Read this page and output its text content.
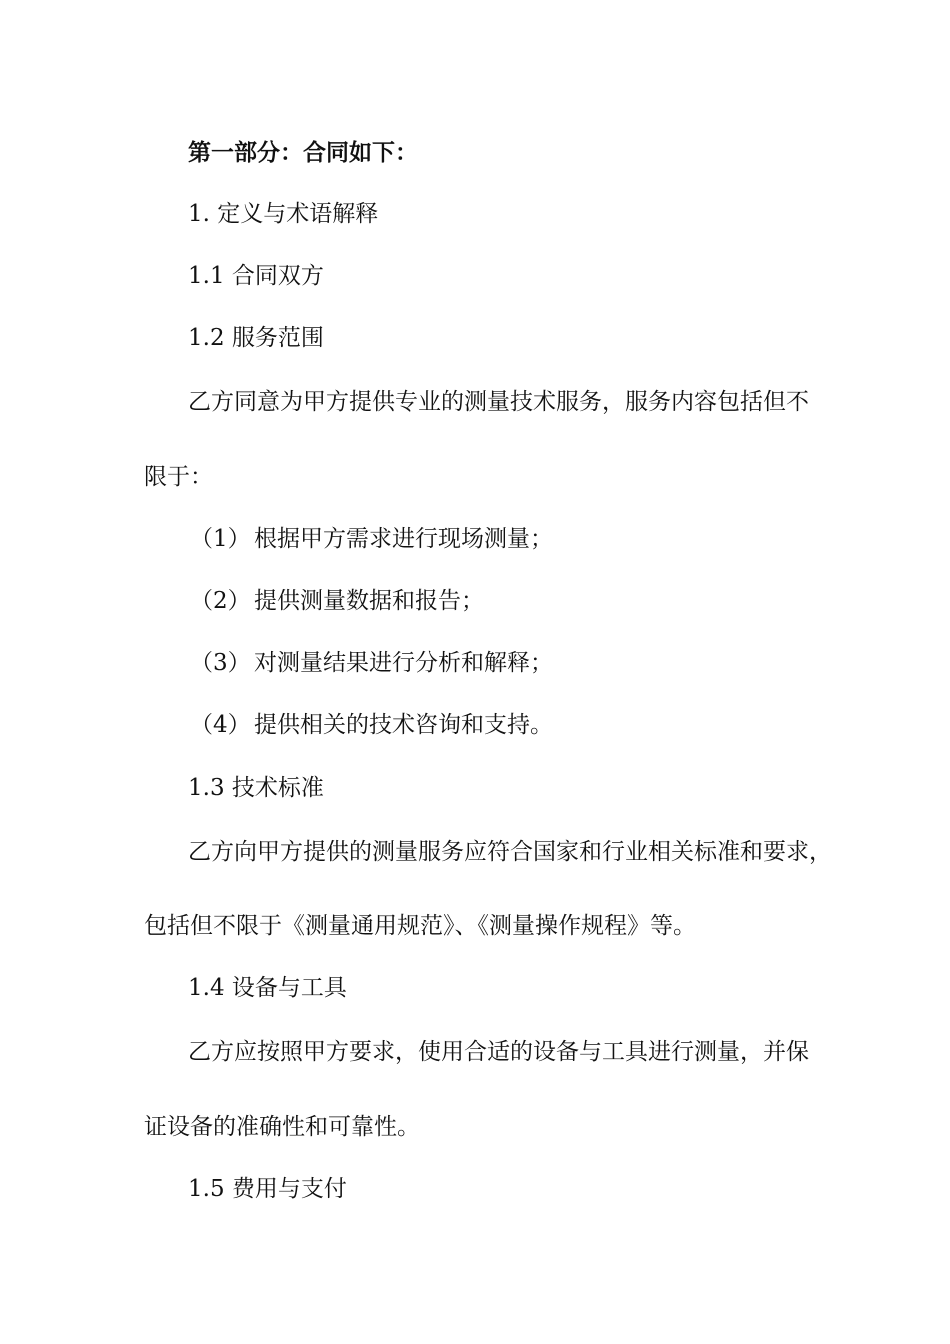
第一部分：合同如下：
1. 定义与术语解释
1.1 合同双方
1.2 服务范围
乙方同意为甲方提供专业的测量技术服务，服务内容包括但不
限于：
（1） 根据甲方需求进行现场测量；
（2） 提供测量数据和报告；
（3） 对测量结果进行分析和解释；
（4） 提供相关的技术咨询和支持。
1.3 技术标准
乙方向甲方提供的测量服务应符合国家和行业相关标准和要求，
包括但不限于《测量通用规范》、《测量操作规程》等。
1.4 设备与工具
乙方应按照甲方要求，使用合适的设备与工具进行测量，并保
证设备的准确性和可靠性。
1.5 费用与支付
